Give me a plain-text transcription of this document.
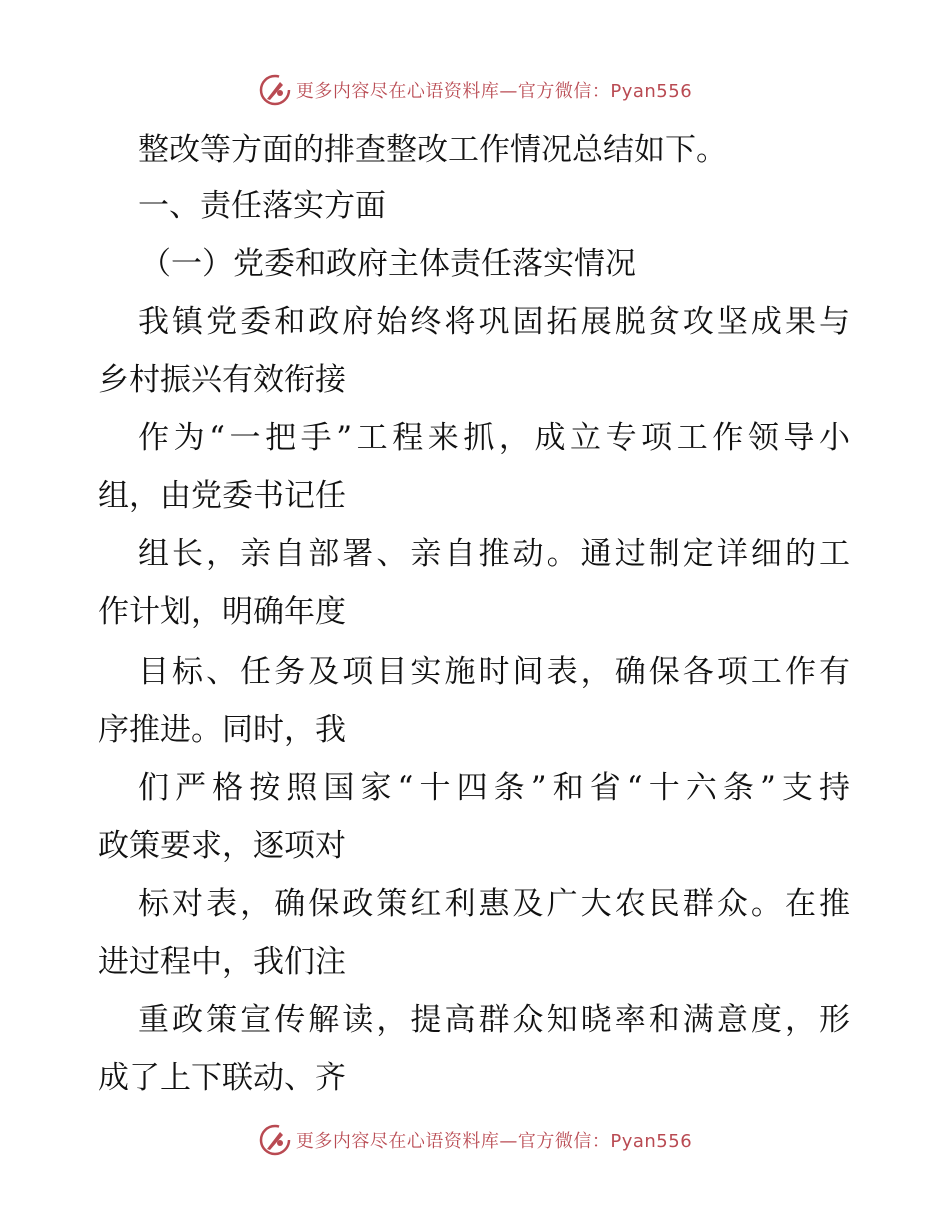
更多内容尽在心语资料库—官方微信：Pyan556
整改等方面的排查整改工作情况总结如下。
一、责任落实方面
（一）党委和政府主体责任落实情况
我镇党委和政府始终将巩固拓展脱贫攻坚成果与
乡村振兴有效衔接
作为“一把手”工程来抓，成立专项工作领导小
组，由党委书记任
组长，亲自部署、亲自推动。通过制定详细的工
作计划，明确年度
目标、任务及项目实施时间表，确保各项工作有
序推进。同时，我
们严格按照国家“十四条”和省“十六条”支持
政策要求，逐项对
标对表，确保政策红利惠及广大农民群众。在推
进过程中，我们注
重政策宣传解读，提高群众知晓率和满意度，形
成了上下联动、齐
更多内容尽在心语资料库—官方微信：Pyan556
